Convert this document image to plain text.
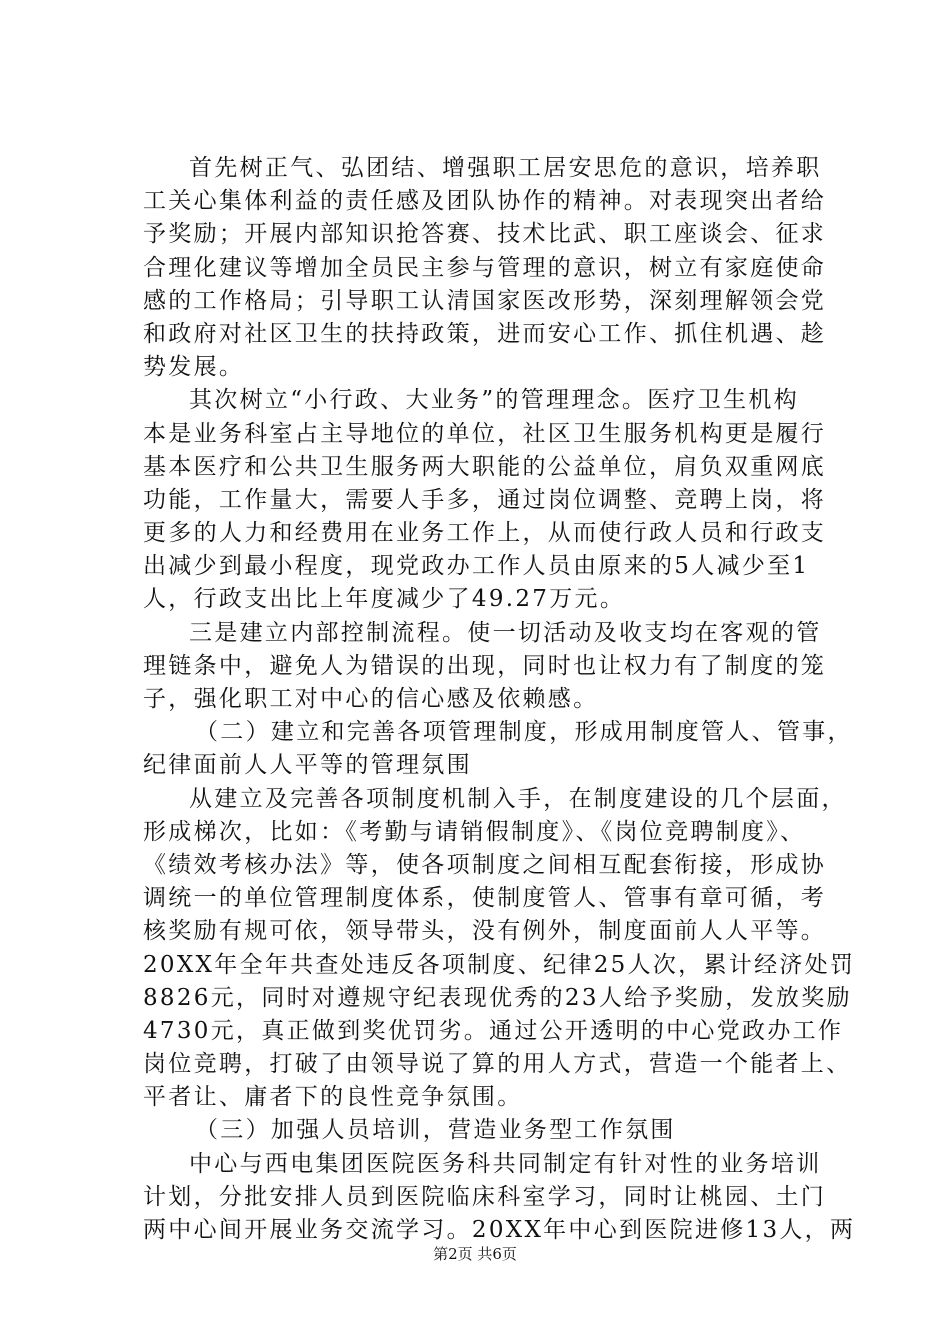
首先树正气、弘团结、增强职工居安思危的意识，培养职
工关心集体利益的责任感及团队协作的精神。对表现突出者给
予奖励；开展内部知识抢答赛、技术比武、职工座谈会、征求
合理化建议等增加全员民主参与管理的意识，树立有家庭使命
感的工作格局；引导职工认清国家医改形势，深刻理解领会党
和政府对社区卫生的扶持政策，进而安心工作、抓住机遇、趁
势发展。
其次树立“小行政、大业务”的管理理念。医疗卫生机构
本是业务科室占主导地位的单位，社区卫生服务机构更是履行
基本医疗和公共卫生服务两大职能的公益单位，肩负双重网底
功能，工作量大，需要人手多，通过岗位调整、竞聘上岗，将
更多的人力和经费用在业务工作上，从而使行政人员和行政支
出减少到最小程度，现党政办工作人员由原来的5人减少至1
人，行政支出比上年度减少了49.27万元。
三是建立内部控制流程。使一切活动及收支均在客观的管
理链条中，避免人为错误的出现，同时也让权力有了制度的笼
子，强化职工对中心的信心感及依赖感。
（二）建立和完善各项管理制度，形成用制度管人、管事，
纪律面前人人平等的管理氛围
从建立及完善各项制度机制入手，在制度建设的几个层面，
形成梯次，比如：《考勤与请销假制度》、《岗位竞聘制度》、
《绩效考核办法》等，使各项制度之间相互配套衔接，形成协
调统一的单位管理制度体系，使制度管人、管事有章可循，考
核奖励有规可依，领导带头，没有例外，制度面前人人平等。
20XX年全年共查处违反各项制度、纪律25人次，累计经济处罚
8826元，同时对遵规守纪表现优秀的23人给予奖励，发放奖励
4730元，真正做到奖优罚劣。通过公开透明的中心党政办工作
岗位竞聘，打破了由领导说了算的用人方式，营造一个能者上、
平者让、庸者下的良性竞争氛围。
（三）加强人员培训，营造业务型工作氛围
中心与西电集团医院医务科共同制定有针对性的业务培训
计划，分批安排人员到医院临床科室学习，同时让桃园、土门
两中心间开展业务交流学习。20XX年中心到医院进修13人，两
第2页 共6页
